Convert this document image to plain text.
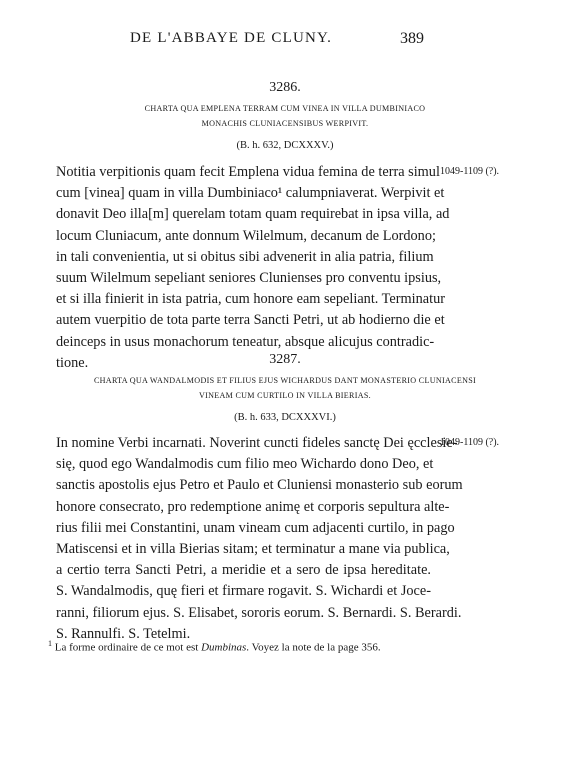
DE L'ABBAYE DE CLUNY.	389
3286.
CHARTA QUA EMPLENA TERRAM CUM VINEA IN VILLA DUMBINIACO
MONACHIS CLUNIACENSIBUS WERPIVIT.
(B. h. 632, DCXXXV.)
Notitia verpitionis quam fecit Emplena vidua femina de terra simul
cum [vinea] quam in villa Dumbiniaco¹ calumpniaverat. Werpivit et
donavit Deo illa[m] querelam totam quam requirebat in ipsa villa, ad
locum Cluniacum, ante donnum Wilelmum, decanum de Lordono;
in tali convenientia, ut si obitus sibi advenerit in alia patria, filium
suum Wilelmum sepeliant seniores Clunienses pro conventu ipsius,
et si illa finierit in ista patria, cum honore eam sepeliant. Terminatur
autem vuerpitio de tota parte terra Sancti Petri, ut ab hodierno die et
deinceps in usus monachorum teneatur, absque alicujus contradic-
tione.
1049-1109 (?).
3287.
CHARTA QUA WANDALMODIS ET FILIUS EJUS WICHARDUS DANT MONASTERIO CLUNIACENSI
VINEAM CUM CURTILO IN VILLA BIERIAS.
(B. h. 633, DCXXXVI.)
In nomine Verbi incarnati. Noverint cuncti fideles sanctę Dei ęcclesie-
się, quod ego Wandalmodis cum filio meo Wichardo dono Deo, et
sanctis apostolis ejus Petro et Paulo et Cluniensi monasterio sub eorum
honore consecrato, pro redemptione animę et corporis sepultura alte-
rius filii mei Constantini, unam vineam cum adjacenti curtilo, in pago
Matiscensi et in villa Bierias sitam; et terminatur a mane via publica,
a certio terra Sancti Petri, a meridie et a sero de ipsa hereditate.
S. Wandalmodis, quę fieri et firmare rogavit. S. Wichardi et Joce-
ranni, filiorum ejus. S. Elisabet, sororis eorum. S. Bernardi. S. Berardi.
S. Rannulfi. S. Tetelmi.
1049-1109 (?).
$^1$ La forme ordinaire de ce mot est Dumbinas. Voyez la note de la page 356.
